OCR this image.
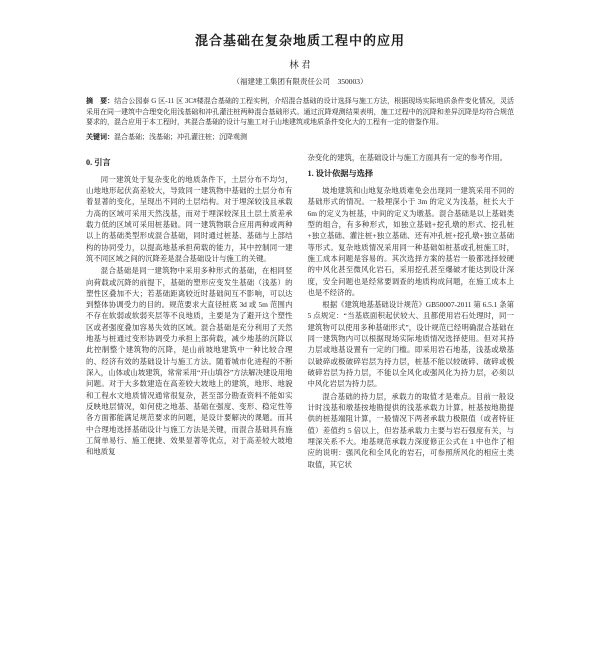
混合基础在复杂地质工程中的应用
林 君
（福建建工集团有限责任公司　350003）

摘　要：结合公园泰 G 区-11 区 3C#楼混合基础的工程实例，介绍混合基础的设计选择与施工方法，根据现场实际地质条件变化情况，灵活采用在同一建筑中合理变化用浅基础和冲孔灌注桩两种混合基础形式。通过沉降观测结果表明，施工过程中的沉降和差异沉降是均符合规范要求的，混合应用于本工程时，其混合基础的设计与施工对于山地建筑或地质条件变化大的工程有一定的借鉴作用。

关键词：混合基础；浅基础；冲孔灌注桩；沉降观测

0. 引言

同一建筑处于复杂变化的地质条件下，土层分布不均匀，山地地形起伏高差较大，导致同一建筑物中基础的土层分布有着显著的变化，呈现出不同的土层结构。对于埋深较浅且承载力高的区域可采用天然浅基，而对于埋深较深且土层土质差承载力低的区域可采用桩基础。同一建筑物联合应用两种或两种以上的基础类型形成混合基础，同时通过桩基、基础与上部结构的协同受力，以提高地基承担荷载的能力，其中控制同一建筑不同区域之间的沉降差是混合基础设计与施工的关键。

混合基础是同一建筑物中采用多种形式的基础，在相同竖向荷载或沉降的前提下，基础的塑形应变发生基础（浅基）的塑性区叠加不大；若基础距离较近时基础间互不影响，可以达到整体协调受力的目的。规范要求大直径桩底 3d 或 5m 范围内不存在软弱或软弱夹层等不良地质，主要是为了避开这个塑性区或者强度叠加容易失效的区域。混合基础是充分利用了天然地基与桩通过变形协调受力承担上部荷载，减少地基的沉降以此控制整个建筑物的沉降，是山前坡地建筑中一种比较合理的、经济有效的基础设计与施工方法。随着城市化进程的不断深入，山体或山坡建筑，常常采用“开山填谷”方法解决建设用地问题。对于大多数建造在高差较大坡地上的建筑，地形、地貌和工程水文地质情况通常很复杂，甚至部分勘查资料不能如实反映地层情况，如何使之地基、基础在强度、变形、稳定性等各方面都能满足规范要求的问题，是设计要解决的课题。而其中合理地选择基础设计与施工方法是关键，而混合基础具有施工简单易行、施工便捷、效果显著等优点，对于高差较大坡地和地质复

杂变化的建筑，在基础设计与施工方面具有一定的参考作用。

1. 设计依据与选择

坡地建筑和山地复杂地质难免会出现同一建筑采用不同的基础形式的情况。一般埋深小于 3m 的定义为浅基，桩长大于 6m 的定义为桩基，中间的定义为墩基。混合基础是以上基础类型的组合，有多种形式，如独立基础+挖孔墩的形式、挖孔桩+独立基础、灌注桩+独立基础、还有冲孔桩+挖孔墩+独立基础等形式。复杂地质情况采用同一种基础如桩基或孔桩施工时，施工成本问题是容易的。其次选择方案的基岩一般都选择较硬的中风化甚至微风化岩石，采用挖孔甚至爆破才能达到设计深度，安全问题也是经常要调查的地质构成问题，在施工成本上也是不经济的。

根据《建筑地基基础设计规范》GB50007-2011 第 6.5.1 条第 5 点规定：“当基底面积起伏较大、且都使用岩石处理时，同一建筑物可以使用多种基础形式”，设计规范已经明确混合基础在同一建筑物内可以根据现场实际地质情况选择使用。但对其持力层或地基设置有一定的门槛。即采用岩石地基，浅基或墩基以破碎或极破碎岩层为持力层，桩基不能以较破碎、破碎或极破碎岩层为持力层，不能以全风化或强风化为持力层，必须以中风化岩层为持力层。

混合基础的持力层，承载力的取值才是难点。目前一般设计时浅基和墩基按地勘提供的浅基承载力计算。桩基按地勘提供的桩基端阻计算，一般情况下两者承载力极限值（或者特征值）差值约 5 倍以上，但岩基承载力主要与岩石强度有关，与埋深关系不大。地基规范承载力深度修正公式在 1 中也作了相应的说明：强风化和全风化的岩石，可参照所风化的相应土类取值，其它状
